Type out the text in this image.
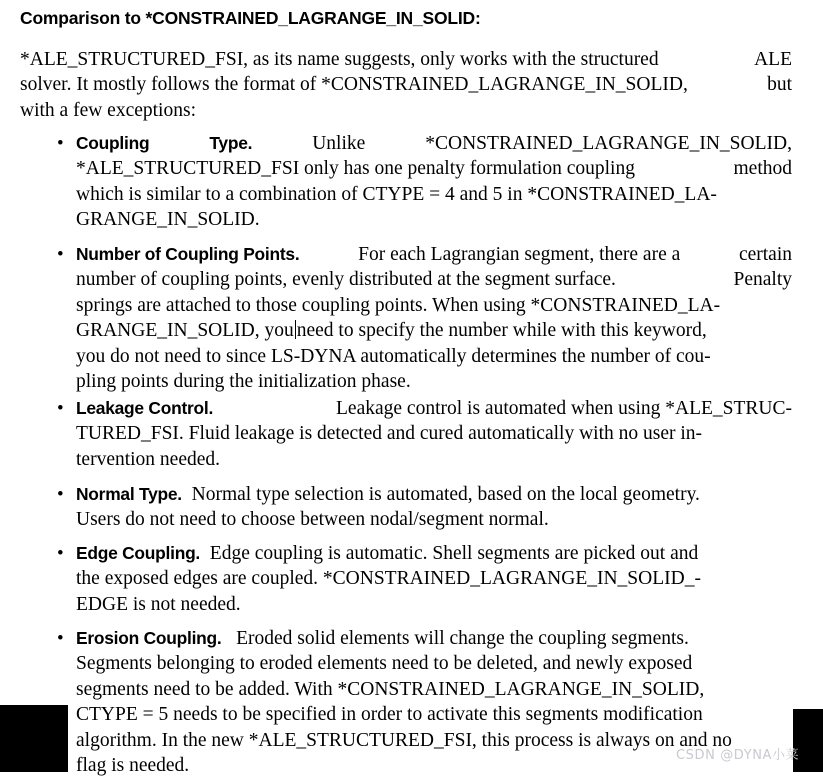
Comparison to *CONSTRAINED_LAGRANGE_IN_SOLID:
*ALE_STRUCTURED_FSI, as its name suggests, only works with the structured	ALE
solver. It mostly follows the format of *CONSTRAINED_LAGRANGE_IN_SOLID,	but
with a few exceptions:
• Coupling	Type.	Unlike	*CONSTRAINED_LAGRANGE_IN_SOLID,
*ALE_STRUCTURED_FSI only has one penalty formulation coupling	method
which is similar to a combination of CTYPE = 4 and 5 in *CONSTRAINED_LA-
GRANGE_IN_SOLID.
• Number of Coupling Points.	For each Lagrangian segment, there are a	certain
number of coupling points, evenly distributed at the segment surface.	Penalty
springs are attached to those coupling points. When using *CONSTRAINED_LA-
GRANGE_IN_SOLID, you need to specify the number while with this keyword,
you do not need to since LS-DYNA automatically determines the number of cou-
pling points during the initialization phase.
• Leakage Control.	Leakage control is automated when using *ALE_STRUC-
TURED_FSI. Fluid leakage is detected and cured automatically with no user in-
tervention needed.
• Normal Type. Normal type selection is automated, based on the local geometry.
Users do not need to choose between nodal/segment normal.
• Edge Coupling. Edge coupling is automatic. Shell segments are picked out and
the exposed edges are coupled. *CONSTRAINED_LAGRANGE_IN_SOLID_-
EDGE is not needed.
• Erosion Coupling. Eroded solid elements will change the coupling segments.
Segments belonging to eroded elements need to be deleted, and newly exposed
segments need to be added. With *CONSTRAINED_LAGRANGE_IN_SOLID,
CTYPE = 5 needs to be specified in order to activate this segments modification
algorithm. In the new *ALE_STRUCTURED_FSI, this process is always on and no
flag is needed.	CSDN @DYNA小菜
